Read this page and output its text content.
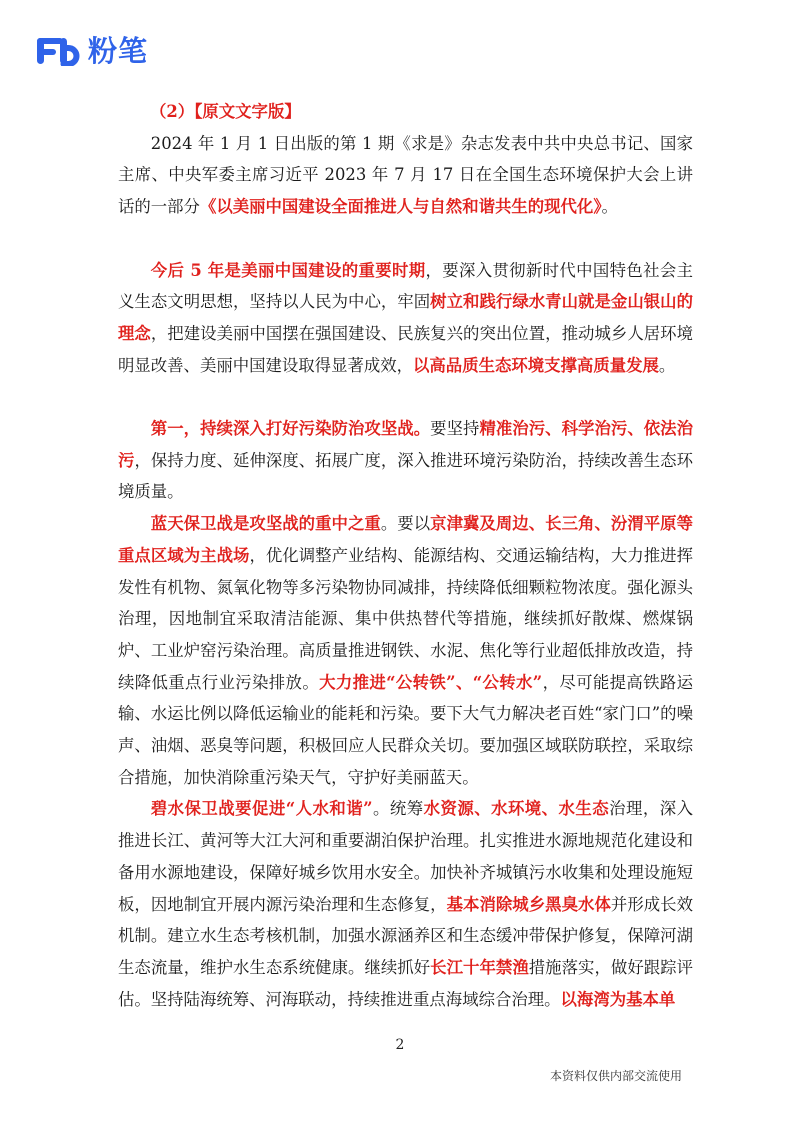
粉笔

（2）【原文文字版】

2024 年 1 月 1 日出版的第 1 期《求是》杂志发表中共中央总书记、国家主席、中央军委主席习近平 2023 年 7 月 17 日在全国生态环境保护大会上讲话的一部分《以美丽中国建设全面推进人与自然和谐共生的现代化》。

今后 5 年是美丽中国建设的重要时期，要深入贯彻新时代中国特色社会主义生态文明思想，坚持以人民为中心，牢固树立和践行绿水青山就是金山银山的理念，把建设美丽中国摆在强国建设、民族复兴的突出位置，推动城乡人居环境明显改善、美丽中国建设取得显著成效，以高品质生态环境支撑高质量发展。

第一，持续深入打好污染防治攻坚战。要坚持精准治污、科学治污、依法治污，保持力度、延伸深度、拓展广度，深入推进环境污染防治，持续改善生态环境质量。

蓝天保卫战是攻坚战的重中之重。要以京津冀及周边、长三角、汾渭平原等重点区域为主战场，优化调整产业结构、能源结构、交通运输结构，大力推进挥发性有机物、氮氧化物等多污染物协同减排，持续降低细颗粒物浓度。强化源头治理，因地制宜采取清洁能源、集中供热替代等措施，继续抓好散煤、燃煤锅炉、工业炉窑污染治理。高质量推进钢铁、水泥、焦化等行业超低排放改造，持续降低重点行业污染排放。大力推进“公转铁”、“公转水”，尽可能提高铁路运输、水运比例以降低运输业的能耗和污染。要下大气力解决老百姓“家门口”的噪声、油烟、恶臭等问题，积极回应人民群众关切。要加强区域联防联控，采取综合措施，加快消除重污染天气，守护好美丽蓝天。

碧水保卫战要促进“人水和谐”。统筹水资源、水环境、水生态治理，深入推进长江、黄河等大江大河和重要湖泊保护治理。扎实推进水源地规范化建设和备用水源地建设，保障好城乡饮用水安全。加快补齐城镇污水收集和处理设施短板，因地制宜开展内源污染治理和生态修复，基本消除城乡黑臭水体并形成长效机制。建立水生态考核机制，加强水源涵养区和生态缓冲带保护修复，保障河湖生态流量，维护水生态系统健康。继续抓好长江十年禁渔措施落实，做好跟踪评估。坚持陆海统筹、河海联动，持续推进重点海域综合治理。以海湾为基本单

2
本资料仅供内部交流使用
